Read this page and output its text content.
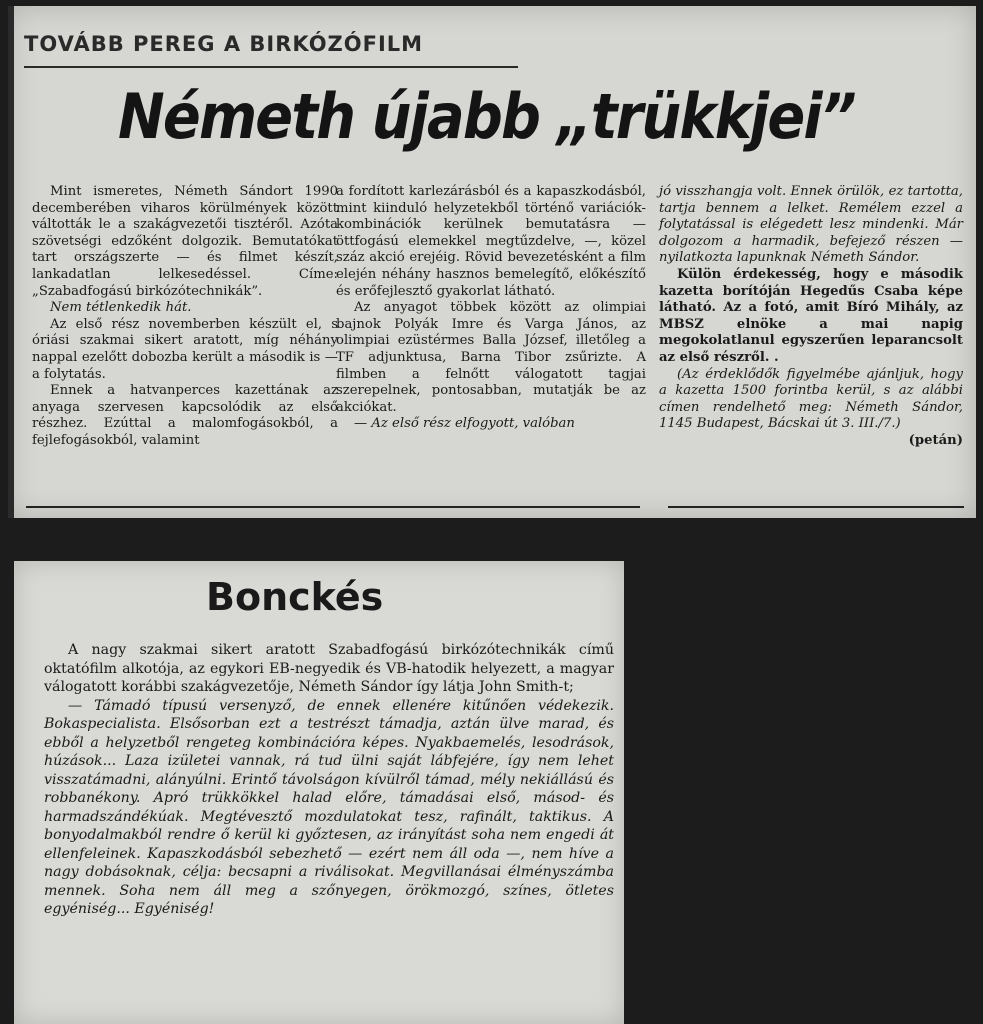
TOVÁBB PEREG A BIRKÓZÓFILM
Németh újabb „trükkjei”

Mint ismeretes, Németh Sándort 1990 decemberében viharos körülmények között váltották le a szakágvezetői tisztéről. Azóta szövetségi edzőként dolgozik. Bemutatókat tart országszerte — és filmet készít, lankadatlan lelkesedéssel. Címe: „Szabadfogású birkózótechnikák”.

Nem tétlenkedik hát.

Az első rész novemberben készült el, s óriási szakmai sikert aratott, míg néhány nappal ezelőtt dobozba került a második is — a folytatás.

Ennek a hatvanperces kazettának az anyaga szervesen kapcsolódik az első részhez. Ezúttal a malomfogásokból, a fejlefogásokból, valamint

a fordított karlezárásból és a kapaszkodásból, mint kiinduló helyzetekből történő variációk-kombinációk kerülnek bemutatásra — öttfogású elemekkel megtűzdelve, —, közel száz akció erejéig. Rövid bevezetésként a film elején néhány hasznos bemelegítő, előkészítő és erőfejlesztő gyakorlat látható.

Az anyagot többek között az olimpiai bajnok Polyák Imre és Varga János, az olimpiai ezüstérmes Balla József, illetőleg a TF adjunktusa, Barna Tibor zsűrizte. A filmben a felnőtt válogatott tagjai szerepelnek, pontosabban, mutatják be az akciókat.

— Az első rész elfogyott, valóban

jó visszhangja volt. Ennek örülök, ez tartotta, tartja bennem a lelket. Remélem ezzel a folytatással is elégedett lesz mindenki. Már dolgozom a harmadik, befejező részen — nyilatkozta lapunknak Németh Sándor.

Külön érdekesség, hogy e második kazetta borítóján Hegedűs Csaba képe látható. Az a fotó, amit Bíró Mihály, az MBSZ elnöke a mai napig megokolatlanul egyszerűen leparancsolt az első részről. .

(Az érdeklődők figyelmébe ajánljuk, hogy a kazetta 1500 forintba kerül, s az alábbi címen rendelhető meg: Németh Sándor, 1145 Budapest, Bácskai út 3. III./7.)

(petán)
Bonckés

A nagy szakmai sikert aratott Szabadfogású birkózótechnikák című oktatófilm alkotója, az egykori EB-negyedik és VB-hatodik helyezett, a magyar válogatott korábbi szakágvezetője, Németh Sándor így látja John Smith-t;

— Támadó típusú versenyző, de ennek ellenére kitűnően védekezik. Bokaspecialista. Elsősorban ezt a testrészt támadja, aztán ülve marad, és ebből a helyzetből rengeteg kombinációra képes. Nyakbaemelés, lesodrások, húzások... Laza izületei vannak, rá tud ülni saját lábfejére, így nem lehet visszatámadni, alányúlni. Erintő távolságon kívülről támad, mély nekiállású és robbanékony. Apró trükkökkel halad előre, támadásai első, másod- és harmadszándékúak. Megtévesztő mozdulatokat tesz, rafinált, taktikus. A bonyodalmakból rendre ő kerül ki győztesen, az irányítást soha nem engedi át ellenfeleinek. Kapaszkodásból sebezhető — ezért nem áll oda —, nem híve a nagy dobásoknak, célja: becsapni a riválisokat. Megvillanásai élményszámba mennek. Soha nem áll meg a szőnyegen, örökmozgó, színes, ötletes egyéniség... Egyéniség!
